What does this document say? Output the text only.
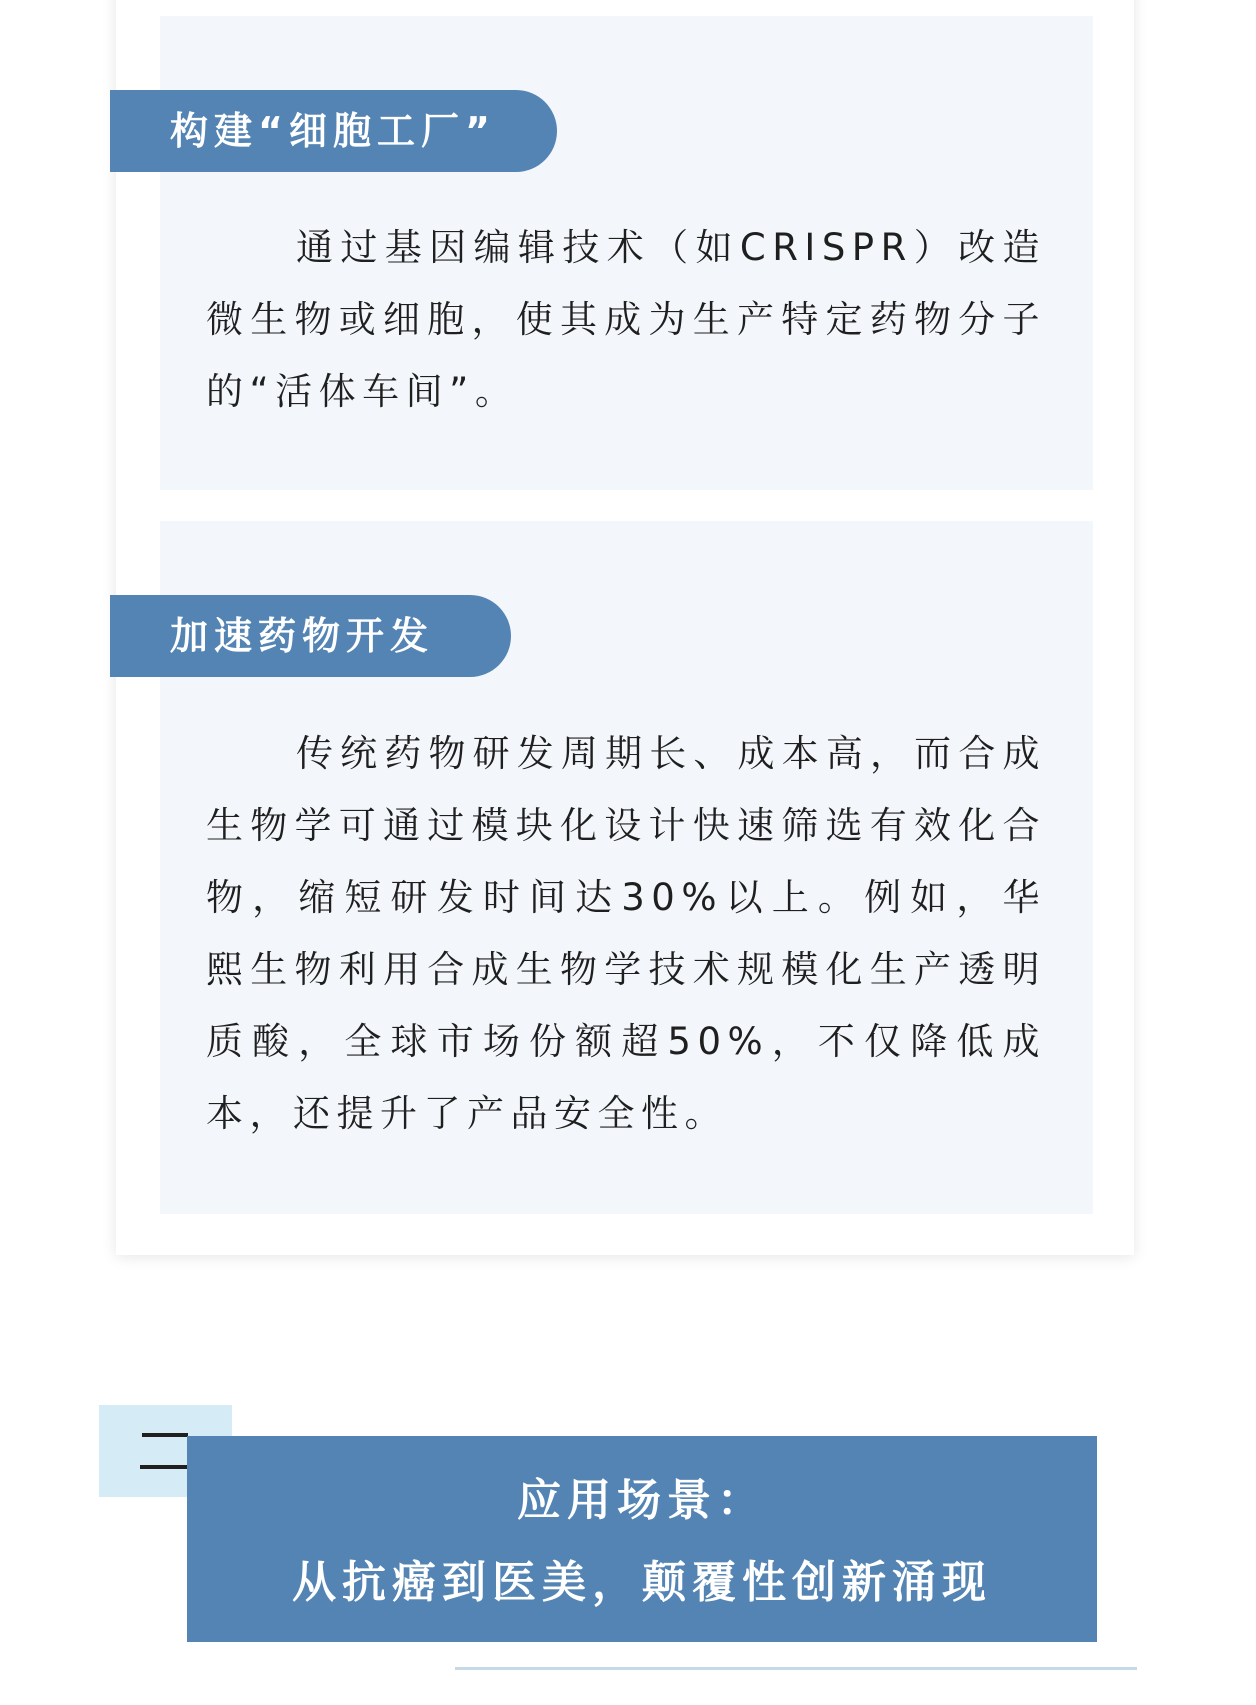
构建“细胞工厂”

通过基因编辑技术（如CRISPR）改造微生物或细胞，使其成为生产特定药物分子的“活体车间”。

加速药物开发

传统药物研发周期长、成本高，而合成生物学可通过模块化设计快速筛选有效化合物，缩短研发时间达30%以上。例如，华熙生物利用合成生物学技术规模化生产透明质酸，全球市场份额超50%，不仅降低成本，还提升了产品安全性。

应用场景：
从抗癌到医美，颠覆性创新涌现
